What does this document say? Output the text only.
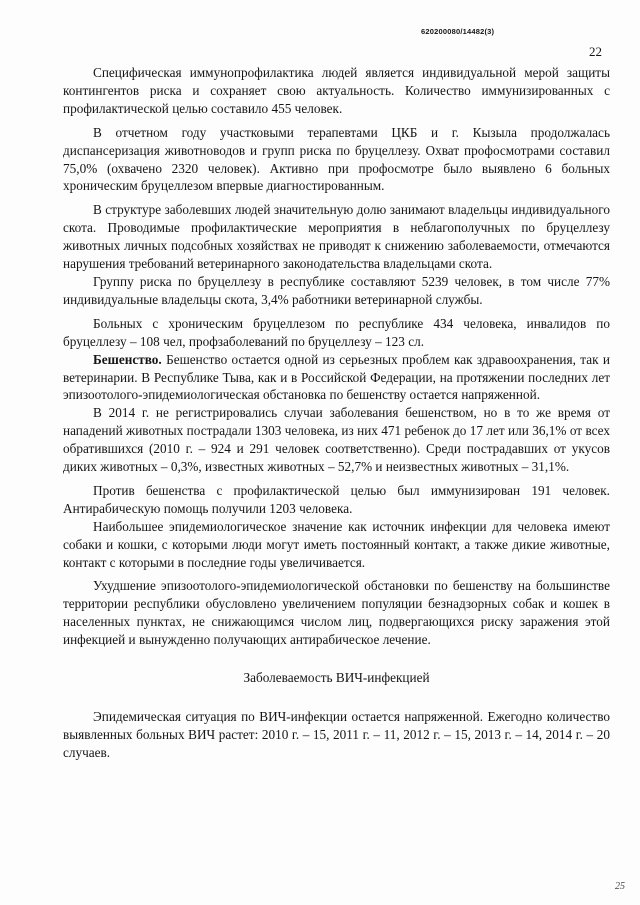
620200080/14482(3)
22

Специфическая иммунопрофилактика людей является индивидуальной мерой защиты контингентов риска и сохраняет свою актуальность. Количество иммунизированных с профилактической целью составило 455 человек.

В отчетном году участковыми терапевтами ЦКБ и г. Кызыла продолжалась диспансеризация животноводов и групп риска по бруцеллезу. Охват профосмотрами составил 75,0% (охвачено 2320 человек). Активно при профосмотре было выявлено 6 больных хроническим бруцеллезом впервые диагностированным.

В структуре заболевших людей значительную долю занимают владельцы индивидуального скота. Проводимые профилактические мероприятия в неблагополучных по бруцеллезу животных личных подсобных хозяйствах не приводят к снижению заболеваемости, отмечаются нарушения требований ветеринарного законодательства владельцами скота.

Группу риска по бруцеллезу в республике составляют 5239 человек, в том числе 77% индивидуальные владельцы скота, 3,4% работники ветеринарной службы.

Больных с хроническим бруцеллезом по республике 434 человека, инвалидов по бруцеллезу – 108 чел, профзаболеваний по бруцеллезу – 123 сл.

Бешенство. Бешенство остается одной из серьезных проблем как здравоохранения, так и ветеринарии. В Республике Тыва, как и в Российской Федерации, на протяжении последних лет эпизоотолого-эпидемиологическая обстановка по бешенству остается напряженной.

В 2014 г. не регистрировались случаи заболевания бешенством, но в то же время от нападений животных пострадали 1303 человека, из них 471 ребенок до 17 лет или 36,1% от всех обратившихся (2010 г. – 924 и 291 человек соответственно). Среди пострадавших от укусов диких животных – 0,3%, известных животных – 52,7% и неизвестных животных – 31,1%.

Против бешенства с профилактической целью был иммунизирован 191 человек. Антирабическую помощь получили 1203 человека.

Наибольшее эпидемиологическое значение как источник инфекции для человека имеют собаки и кошки, с которыми люди могут иметь постоянный контакт, а также дикие животные, контакт с которыми в последние годы увеличивается.

Ухудшение эпизоотолого-эпидемиологической обстановки по бешенству на большинстве территории республики обусловлено увеличением популяции безнадзорных собак и кошек в населенных пунктах, не снижающимся числом лиц, подвергающихся риску заражения этой инфекцией и вынужденно получающих антирабическое лечение.

Заболеваемость ВИЧ-инфекцией

Эпидемическая ситуация по ВИЧ-инфекции остается напряженной. Ежегодно количество выявленных больных ВИЧ растет: 2010 г. – 15, 2011 г. – 11, 2012 г. – 15, 2013 г. – 14, 2014 г. – 20 случаев.

25
